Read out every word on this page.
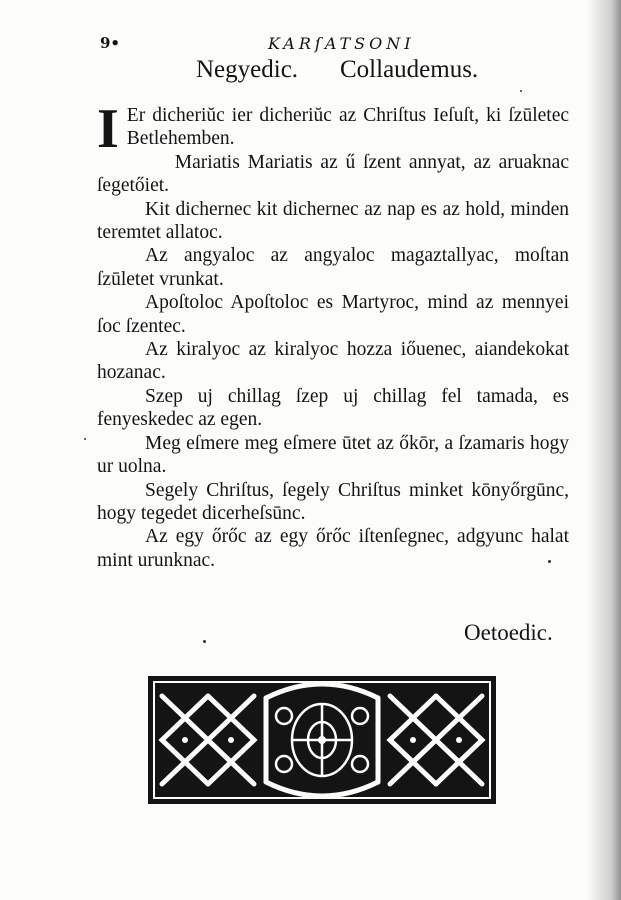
9•	KARſATSONI
Negyedic. Collaudemus.

I Er dicheriŭc ier dicheriŭc az Chriſtus Ieſuſt, ki ſzūletec Betlehemben.

Mariatis Mariatis az ű ſzent annyat, az aruaknac ſegetőiet.

Kit dichernec kit dichernec az nap es az hold, minden teremtet allatoc.

Az angyaloc az angyaloc magaztallyac, moſtan ſzūletet vrunkat.

Apoſtoloc Apoſtoloc es Martyroc, mind az mennyei ſoc ſzentec.

Az kiralyoc az kiralyoc hozza iőuenec, aiandekokat hozanac.

Szep uj chillag ſzep uj chillag fel tamada, es fenyeskedec az egen.

Meg eſmere meg eſmere ūtet az őkōr, a ſzamaris hogy ur uolna.

Segely Chriſtus, ſegely Chriſtus minket kōnyőrgūnc, hogy tegedet dicerheſsūnc.

Az egy őrőc az egy őrőc iſtenſegnec, adgyunc halat mint urunknac.

Oetoedic.
